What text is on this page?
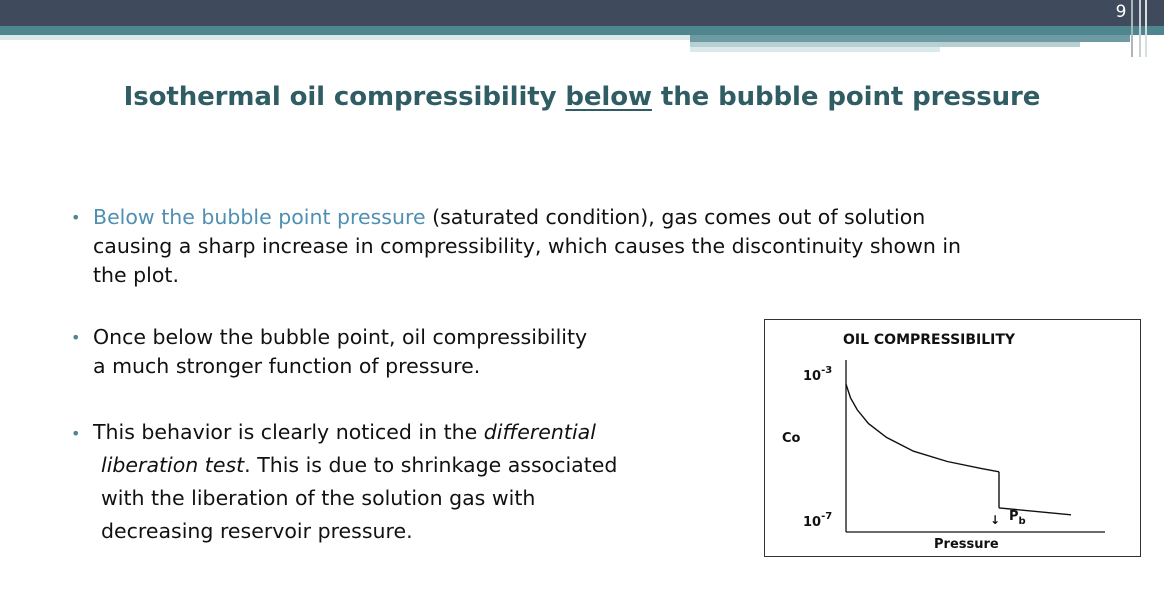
9
Isothermal oil compressibility below the bubble point pressure
• Below the bubble point pressure (saturated condition), gas comes out of solution
causing a sharp increase in compressibility, which causes the discontinuity shown in
the plot.
• Once below the bubble point, oil compressibility
a much stronger function of pressure.
• This behavior is clearly noticed in the differential
liberation test. This is due to shrinkage associated
with the liberation of the solution gas with
decreasing reservoir pressure.
OIL COMPRESSIBILITY
$10^{-3}$
$10^{-7}$
Co
Pressure
↓ $P_b$
